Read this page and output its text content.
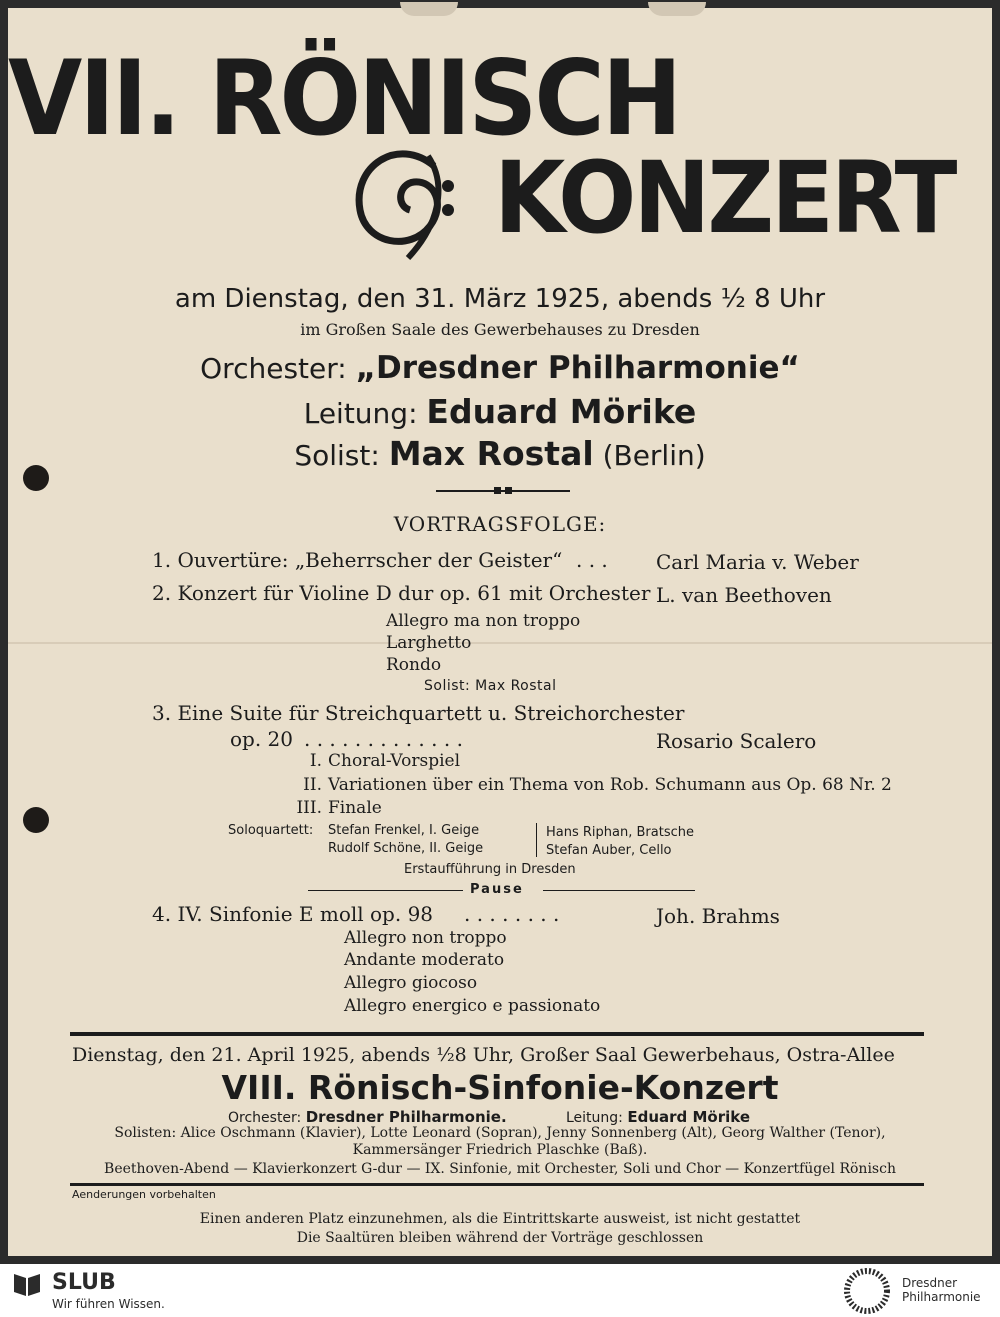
VII. RÖNISCH
KONZERT
am Dienstag, den 31. März 1925, abends ½ 8 Uhr
im Großen Saale des Gewerbehauses zu Dresden
Orchester: „Dresdner Philharmonie“
Leitung: Eduard Mörike
Solist: Max Rostal (Berlin)
VORTRAGSFOLGE:
1. Ouvertüre: „Beherrscher der Geister“ . . . Carl Maria v. Weber
2. Konzert für Violine D dur op. 61 mit Orchester L. van Beethoven
Allegro ma non troppo
Larghetto
Rondo
Solist: Max Rostal
3. Eine Suite für Streichquartett u. Streichorchester
op. 20 . . . . . . . . . . . . .	Rosario Scalero
I. Choral-Vorspiel
II. Variationen über ein Thema von Rob. Schumann aus Op. 68 Nr. 2
III. Finale
Soloquartett: Stefan Frenkel, I. Geige
Rudolf Schöne, II. Geige
Hans Riphan, Bratsche
Stefan Auber, Cello
Erstaufführung in Dresden
Pause
4. IV. Sinfonie E moll op. 98 . . . . . . . .	Joh. Brahms
Allegro non troppo
Andante moderato
Allegro giocoso
Allegro energico e passionato
Dienstag, den 21. April 1925, abends ½8 Uhr, Großer Saal Gewerbehaus, Ostra-Allee
VIII. Rönisch-Sinfonie-Konzert
Orchester: Dresdner Philharmonie.	Leitung: Eduard Mörike
Solisten: Alice Oschmann (Klavier), Lotte Leonard (Sopran), Jenny Sonnenberg (Alt), Georg Walther (Tenor),
Kammersänger Friedrich Plaschke (Baß).
Beethoven-Abend — Klavierkonzert G-dur — IX. Sinfonie, mit Orchester, Soli und Chor — Konzertfügel Rönisch
Aenderungen vorbehalten
Einen anderen Platz einzunehmen, als die Eintrittskarte ausweist, ist nicht gestattet
Die Saaltüren bleiben während der Vorträge geschlossen
SLUB
Wir führen Wissen.
Dresdner
Philharmonie
